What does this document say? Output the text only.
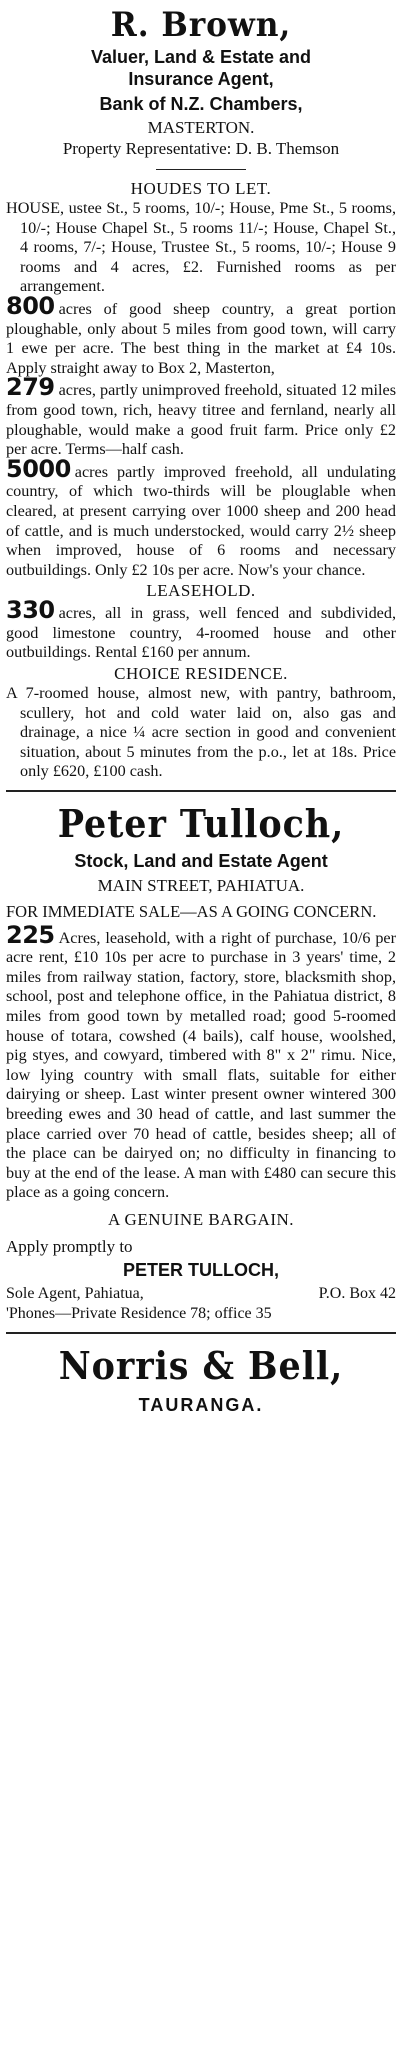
R. Brown,

Valuer, Land & Estate and

Insurance Agent,

Bank of N.Z. Chambers,

MASTERTON.

Property Representative: D. B. Themson

HOUDES TO LET.

HOUSE, ustee St., 5 rooms, 10/-; House, Pme St., 5 rooms, 10/-; House Chapel St., 5 rooms 11/-; House, Chapel St., 4 rooms, 7/-; House, Trustee St., 5 rooms, 10/-; House 9 rooms and 4 acres, £2. Furnished rooms as per arrangement.

800 acres of good sheep country, a great portion ploughable, only about 5 miles from good town, will carry 1 ewe per acre. The best thing in the market at £4 10s. Apply straight away to Box 2, Masterton,

279 acres, partly unimproved freehold, situated 12 miles from good town, rich, heavy titree and fernland, nearly all ploughable, would make a good fruit farm. Price only £2 per acre. Terms—half cash.

5000 acres partly improved freehold, all undulating country, of which two-thirds will be plouglable when cleared, at present carrying over 1000 sheep and 200 head of cattle, and is much understocked, would carry 2½ sheep when improved, house of 6 rooms and necessary outbuildings. Only £2 10s per acre. Now's your chance.

LEASEHOLD.

330 acres, all in grass, well fenced and subdivided, good limestone country, 4-roomed house and other outbuildings. Rental £160 per annum.

CHOICE RESIDENCE.

A 7-roomed house, almost new, with pantry, bathroom, scullery, hot and cold water laid on, also gas and drainage, a nice ¼ acre section in good and convenient situation, about 5 minutes from the p.o., let at 18s. Price only £620, £100 cash.

Peter Tulloch,

Stock, Land and Estate Agent

MAIN STREET, PAHIATUA.

FOR IMMEDIATE SALE—AS A GOING CONCERN.

225 Acres, leasehold, with a right of purchase, 10/6 per acre rent, £10 10s per acre to purchase in 3 years' time, 2 miles from railway station, factory, store, blacksmith shop, school, post and telephone office, in the Pahiatua district, 8 miles from good town by metalled road; good 5-roomed house of totara, cowshed (4 bails), calf house, woolshed, pig styes, and cowyard, timbered with 8" x 2" rimu. Nice, low lying country with small flats, suitable for either dairying or sheep. Last winter present owner wintered 300 breeding ewes and 30 head of cattle, and last summer the place carried over 70 head of cattle, besides sheep; all of the place can be dairyed on; no difficulty in financing to buy at the end of the lease. A man with £480 can secure this place as a going concern.

A GENUINE BARGAIN.

Apply promptly to

PETER TULLOCH,

Sole Agent, Pahiatua,	P.O. Box 42

'Phones—Private Residence 78; office 35

Norris & Bell,

TAURANGA.
